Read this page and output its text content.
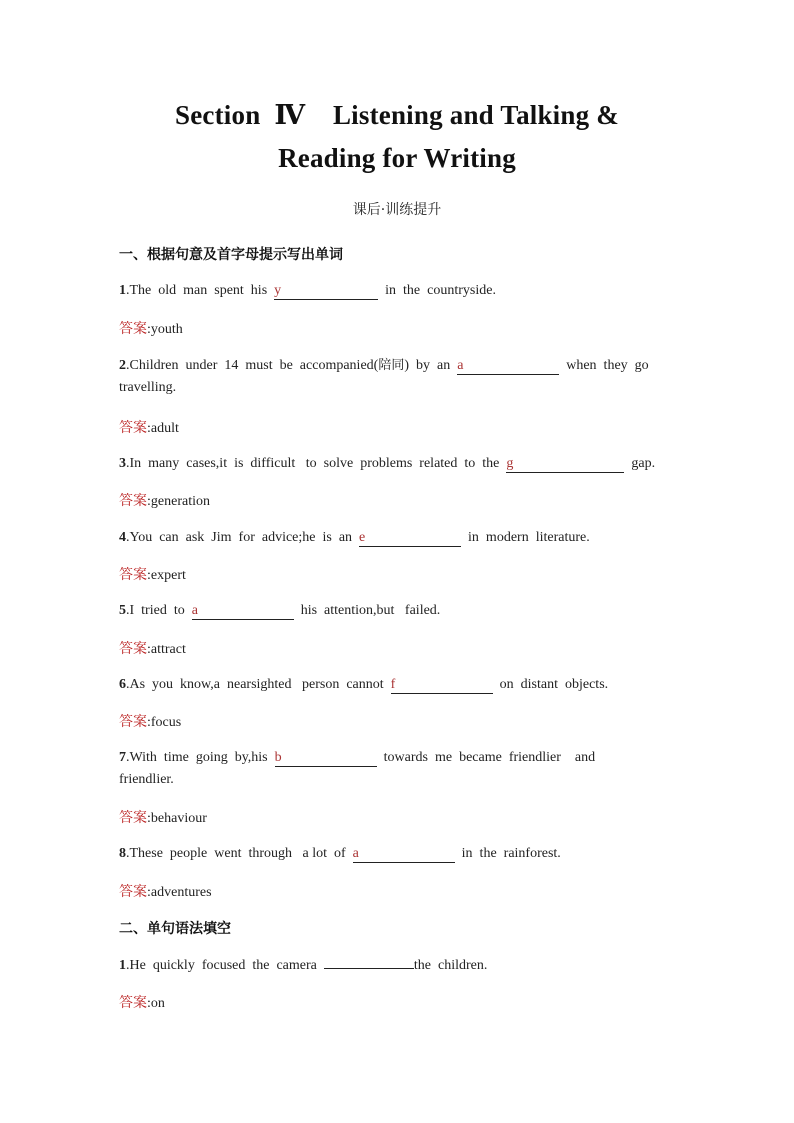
Section  Ⅳ    Listening and Talking &
Reading for Writing
课后·训练提升
一、根据句意及首字母提示写出单词
1.The  old  man  spent  his  y	in  the  countryside.
答案:youth
2.Children  under  14  must  be  accompanied(陪同)  by  an  a	when  they  go travelling.
答案:adult
3.In  many  cases,it  is  difficult   to  solve  problems  related  to  the  g	gap.
答案:generation
4.You  can  ask  Jim  for  advice;he  is  an  e	in  modern  literature.
答案:expert
5.I  tried  to  a	his  attention,but   failed.
答案:attract
6.As  you  know,a  nearsighted   person  cannot  f	on  distant  objects.
答案:focus
7.With  time  going  by,his  b	towards  me  became  friendlier    and friendlier.
答案:behaviour
8.These  people  went  through   a lot  of  a	in  the  rainforest.
答案:adventures
二、单句语法填空
1.He  quickly  focused  the  camera	the  children.
答案:on
